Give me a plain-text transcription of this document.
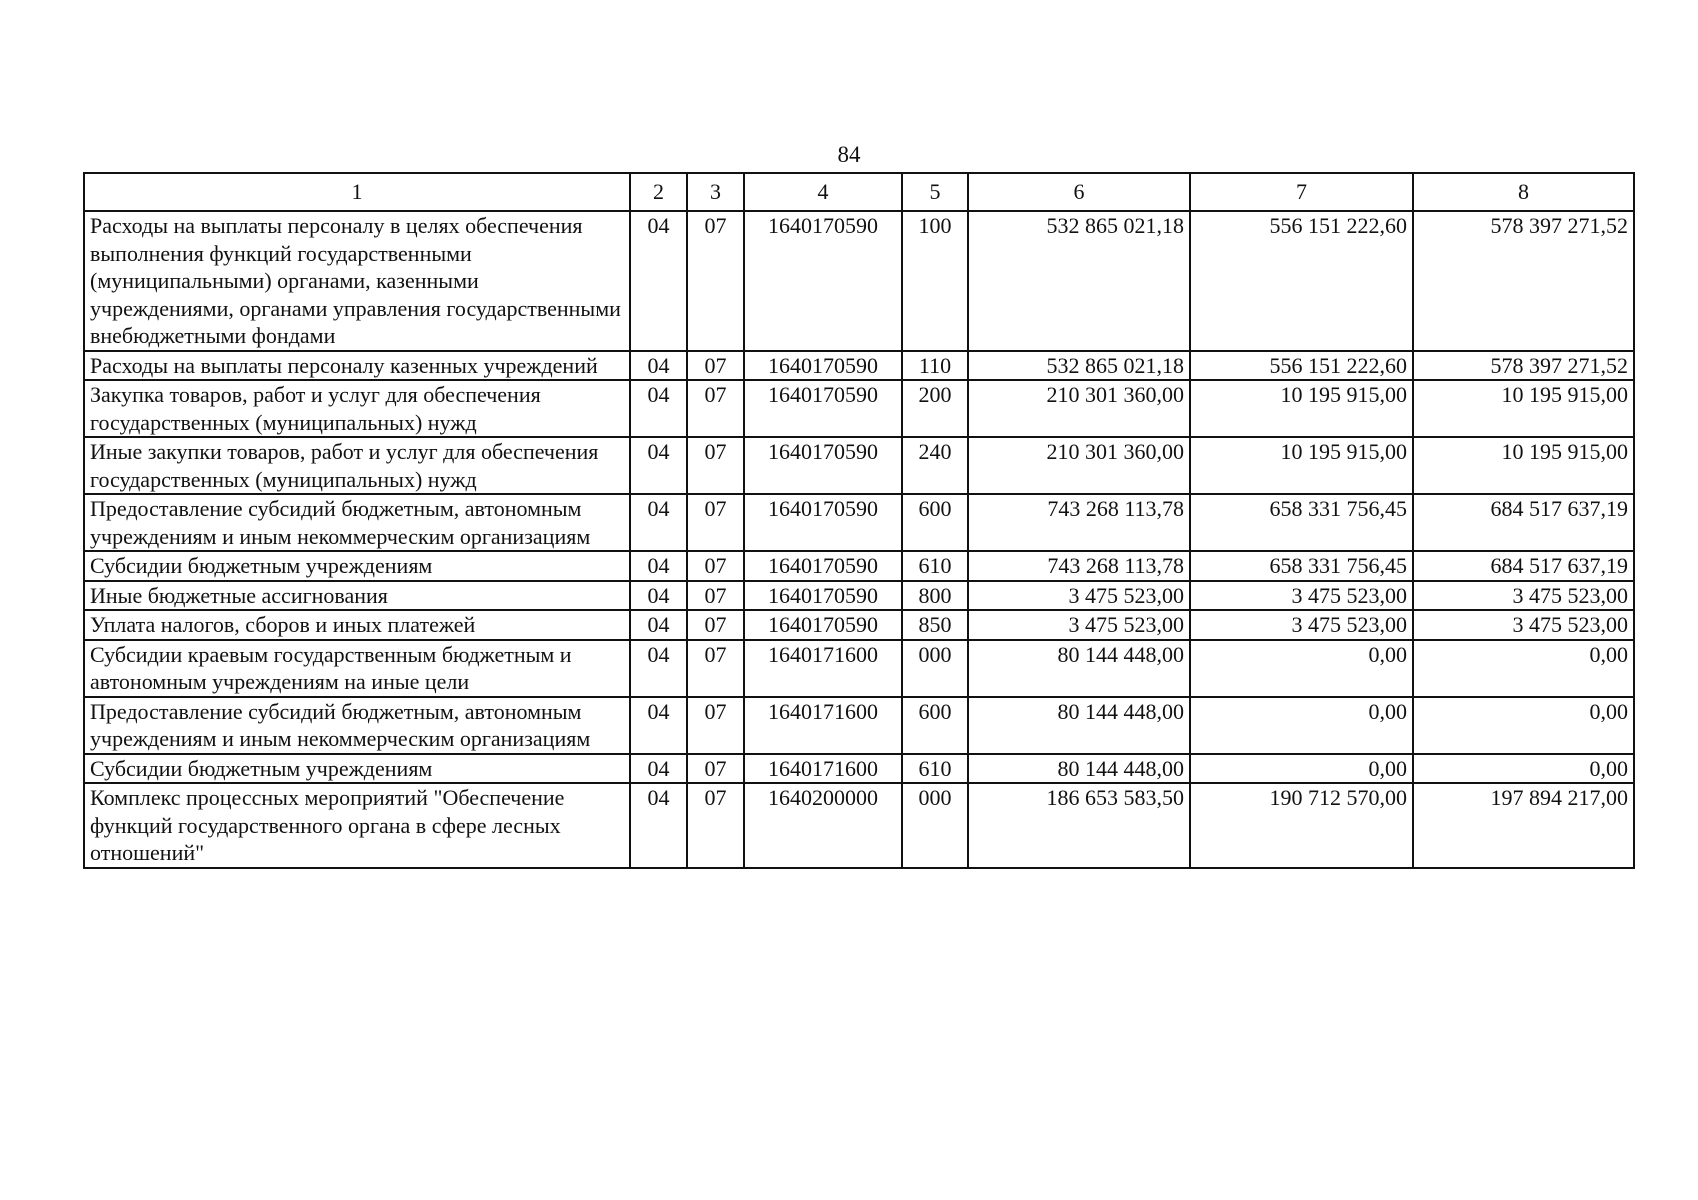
84
1	2	3	4	5	6	7	8
Расходы на выплаты персоналу в целях обеспечения выполнения функций государственными (муниципальными) органами, казенными учреждениями, органами управления государственными внебюджетными фондами	04	07	1640170590	100	532 865 021,18	556 151 222,60	578 397 271,52
Расходы на выплаты персоналу казенных учреждений	04	07	1640170590	110	532 865 021,18	556 151 222,60	578 397 271,52
Закупка товаров, работ и услуг для обеспечения государственных (муниципальных) нужд	04	07	1640170590	200	210 301 360,00	10 195 915,00	10 195 915,00
Иные закупки товаров, работ и услуг для обеспечения государственных (муниципальных) нужд	04	07	1640170590	240	210 301 360,00	10 195 915,00	10 195 915,00
Предоставление субсидий бюджетным, автономным учреждениям и иным некоммерческим организациям	04	07	1640170590	600	743 268 113,78	658 331 756,45	684 517 637,19
Субсидии бюджетным учреждениям	04	07	1640170590	610	743 268 113,78	658 331 756,45	684 517 637,19
Иные бюджетные ассигнования	04	07	1640170590	800	3 475 523,00	3 475 523,00	3 475 523,00
Уплата налогов, сборов и иных платежей	04	07	1640170590	850	3 475 523,00	3 475 523,00	3 475 523,00
Субсидии краевым государственным бюджетным и автономным учреждениям на иные цели	04	07	1640171600	000	80 144 448,00	0,00	0,00
Предоставление субсидий бюджетным, автономным учреждениям и иным некоммерческим организациям	04	07	1640171600	600	80 144 448,00	0,00	0,00
Субсидии бюджетным учреждениям	04	07	1640171600	610	80 144 448,00	0,00	0,00
Комплекс процессных мероприятий "Обеспечение функций государственного органа в сфере лесных отношений"	04	07	1640200000	000	186 653 583,50	190 712 570,00	197 894 217,00
